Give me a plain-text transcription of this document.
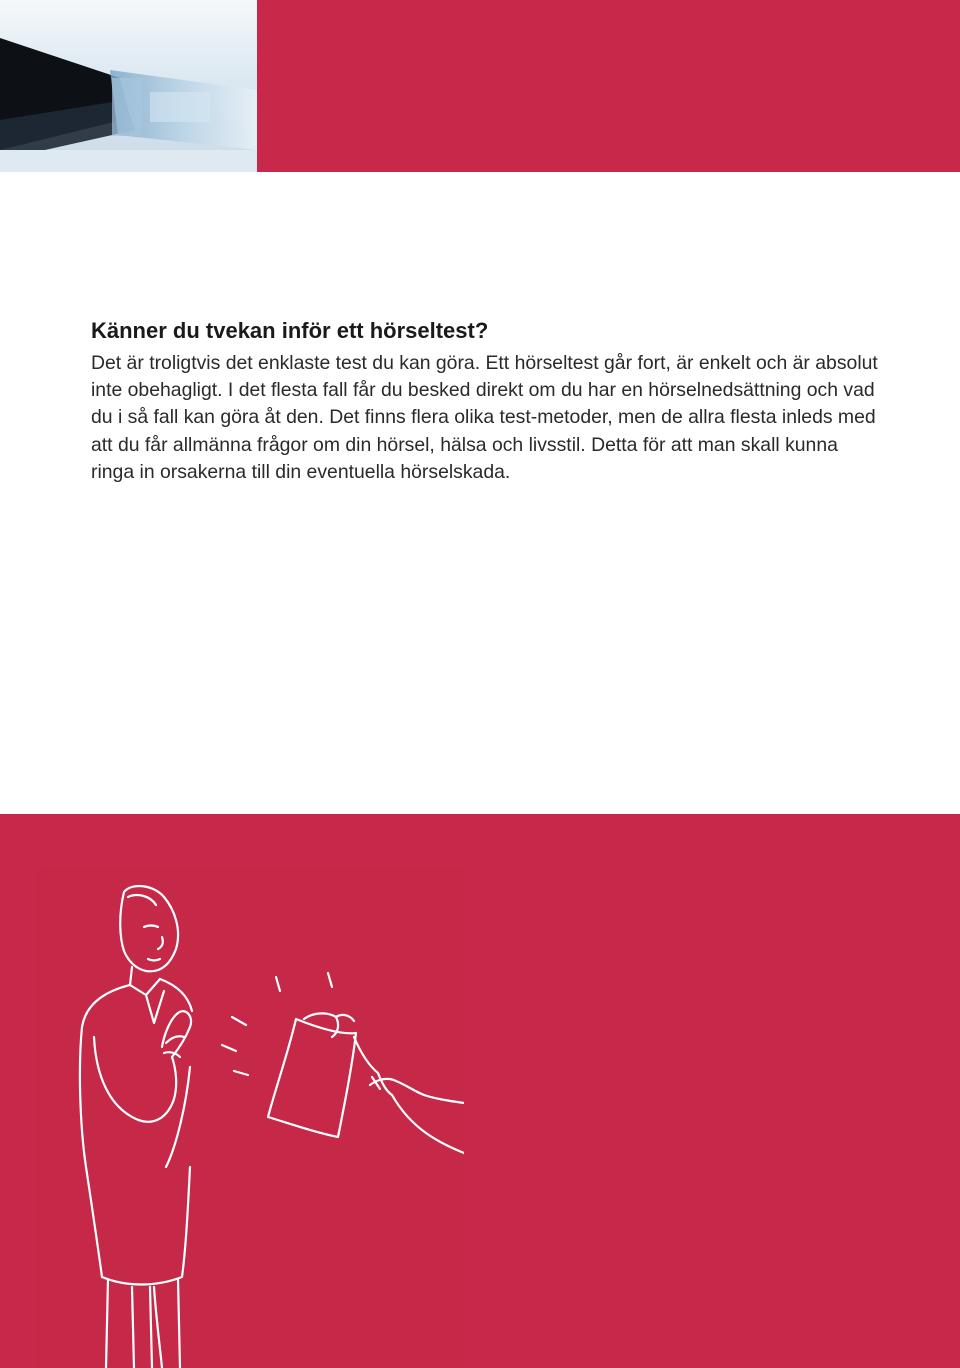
Känner du tvekan inför ett hörseltest?

Det är troligtvis det enklaste test du kan göra. Ett hörseltest går fort, är enkelt och är absolut inte obehagligt. I det flesta fall får du besked direkt om du har en hörselnedsättning och vad du i så fall kan göra åt den. Det finns flera olika test-metoder, men de allra flesta inleds med att du får allmänna frågor om din hörsel, hälsa och livsstil. Detta för att man skall kunna ringa in orsakerna till din eventuella hörselskada.
